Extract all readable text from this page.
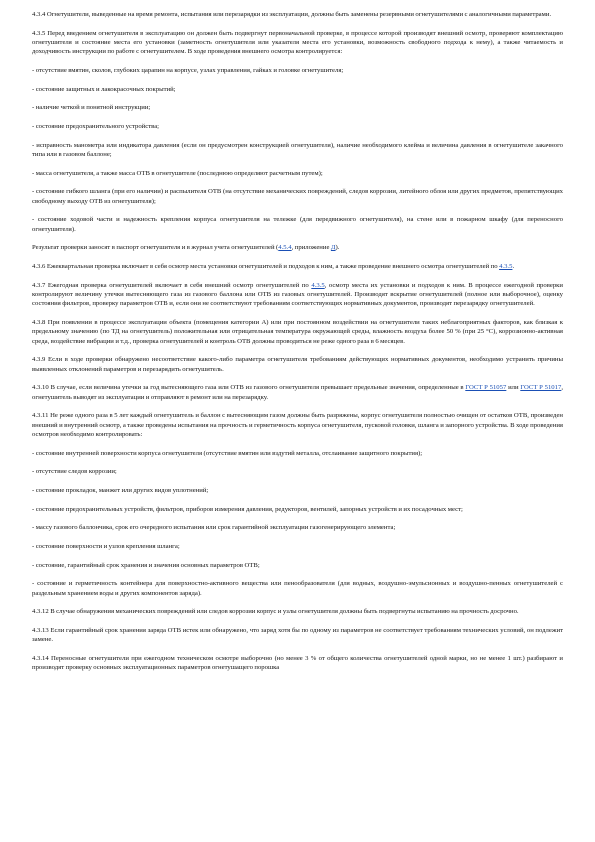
4.3.4 Огнетушители, выведенные на время ремонта, испытания или перезарядки из эксплуатации, должны быть заменены резервными огнетушителями с аналогичными параметрами.

4.3.5 Перед введением огнетушителя в эксплуатацию он должен быть подвергнут первоначальной проверке, в процессе которой производят внешний осмотр, проверяют комплектацию огнетушителя и состояние места его установки (заметность огнетушителя или указателя места его установки, возможность свободного подхода к нему), а также читаемость и доходчивость инструкции по работе с огнетушителем. В ходе проведения внешнего осмотра контролируется:

- отсутствие вмятин, сколов, глубоких царапин на корпусе, узлах управления, гайках и головке огнетушителя;

- состояние защитных и лакокрасочных покрытий;

- наличие четкой и понятной инструкции;

- состояние предохранительного устройства;

- исправность манометра или индикатора давления (если он предусмотрен конструкцией огнетушителя), наличие необходимого клейма и величина давления в огнетушителе закачного типа или в газовом баллоне;

- масса огнетушителя, а также масса ОТВ в огнетушителе (последнюю определяют расчетным путем);

- состояние гибкого шланга (при его наличии) и распылителя ОТВ (на отсутствие механических повреждений, следов коррозии, литейного облоя или других предметов, препятствующих свободному выходу ОТВ из огнетушителя);

- состояние ходовой части и надежность крепления корпуса огнетушителя на тележке (для передвижного огнетушителя), на стене или в пожарном шкафу (для переносного огнетушителя).

Результат проверки заносят в паспорт огнетушителя и в журнал учета огнетушителей (4.5.4, приложение Д).

4.3.6 Ежеквартальная проверка включает в себя осмотр места установки огнетушителей и подходов к ним, а также проведение внешнего осмотра огнетушителей по 4.3.5.

4.3.7 Ежегодная проверка огнетушителей включает в себя внешний осмотр огнетушителей по 4.3.5, осмотр места их установки и подходов к ним. В процессе ежегодной проверки контролируют величину утечки вытесняющего газа из газового баллона или ОТВ из газовых огнетушителей. Производят вскрытие огнетушителей (полное или выборочное), оценку состояния фильтров, проверку параметров ОТВ и, если они не соответствуют требованиям соответствующих нормативных документов, производят перезарядку огнетушителей.

4.3.8 При появлении в процессе эксплуатации объекта (помещения категории А) или при постоянном воздействии на огнетушители таких неблагоприятных факторов, как близкая к предельному значению (по ТД на огнетушитель) положительная или отрицательная температура окружающей среды, влажность воздуха более 50 % (при 25 °С), коррозионно-активная среда, воздействие вибрации и т.д., проверка огнетушителей и контроль ОТВ должны проводиться не реже одного раза в 6 месяцев.

4.3.9 Если в ходе проверки обнаружено несоответствие какого-либо параметра огнетушителя требованиям действующих нормативных документов, необходимо устранить причины выявленных отклонений параметров и перезарядить огнетушитель.

4.3.10 В случае, если величина утечки за год вытесняющего газа или ОТВ из газового огнетушителя превышает предельные значения, определенные в ГОСТ Р 51057 или ГОСТ Р 51017, огнетушитель выводят из эксплуатации и отправляют в ремонт или на перезарядку.

4.3.11 Не реже одного раза в 5 лет каждый огнетушитель и баллон с вытесняющим газом должны быть разряжены, корпус огнетушителя полностью очищен от остатков ОТВ, произведен внешний и внутренний осмотр, а также проведены испытания на прочность и герметичность корпуса огнетушителя, пусковой головки, шланга и запорного устройства. В ходе проведения осмотров необходимо контролировать:

- состояние внутренней поверхности корпуса огнетушителя (отсутствие вмятин или вздутий металла, отслаивание защитного покрытия);

- отсутствие следов коррозии;

- состояние прокладок, манжет или других видов уплотнений;

- состояние предохранительных устройств, фильтров, приборов измерения давления, редукторов, вентилей, запорных устройств и их посадочных мест;

- массу газового баллончика, срок его очередного испытания или срок гарантийной эксплуатации газогенерирующего элемента;

- состояние поверхности и узлов крепления шланга;

- состояние, гарантийный срок хранения и значения основных параметров ОТВ;

- состояние и герметичность контейнера для поверхностно-активного вещества или пенообразователя (для водных, воздушно-эмульсионных и воздушно-пенных огнетушителей с раздельным хранением воды и других компонентов заряда).

4.3.12 В случае обнаружения механических повреждений или следов коррозии корпус и узлы огнетушителя должны быть подвергнуты испытанию на прочность досрочно.

4.3.13 Если гарантийный срок хранения заряда ОТВ истек или обнаружено, что заряд хотя бы по одному из параметров не соответствует требованиям технических условий, он подлежит замене.

4.3.14 Переносные огнетушители при ежегодном техническом осмотре выборочно (но менее 3 % от общего количества огнетушителей одной марки, но не менее 1 шт.) разбирают и производят проверку основных эксплуатационных параметров огнетушащего порошка
